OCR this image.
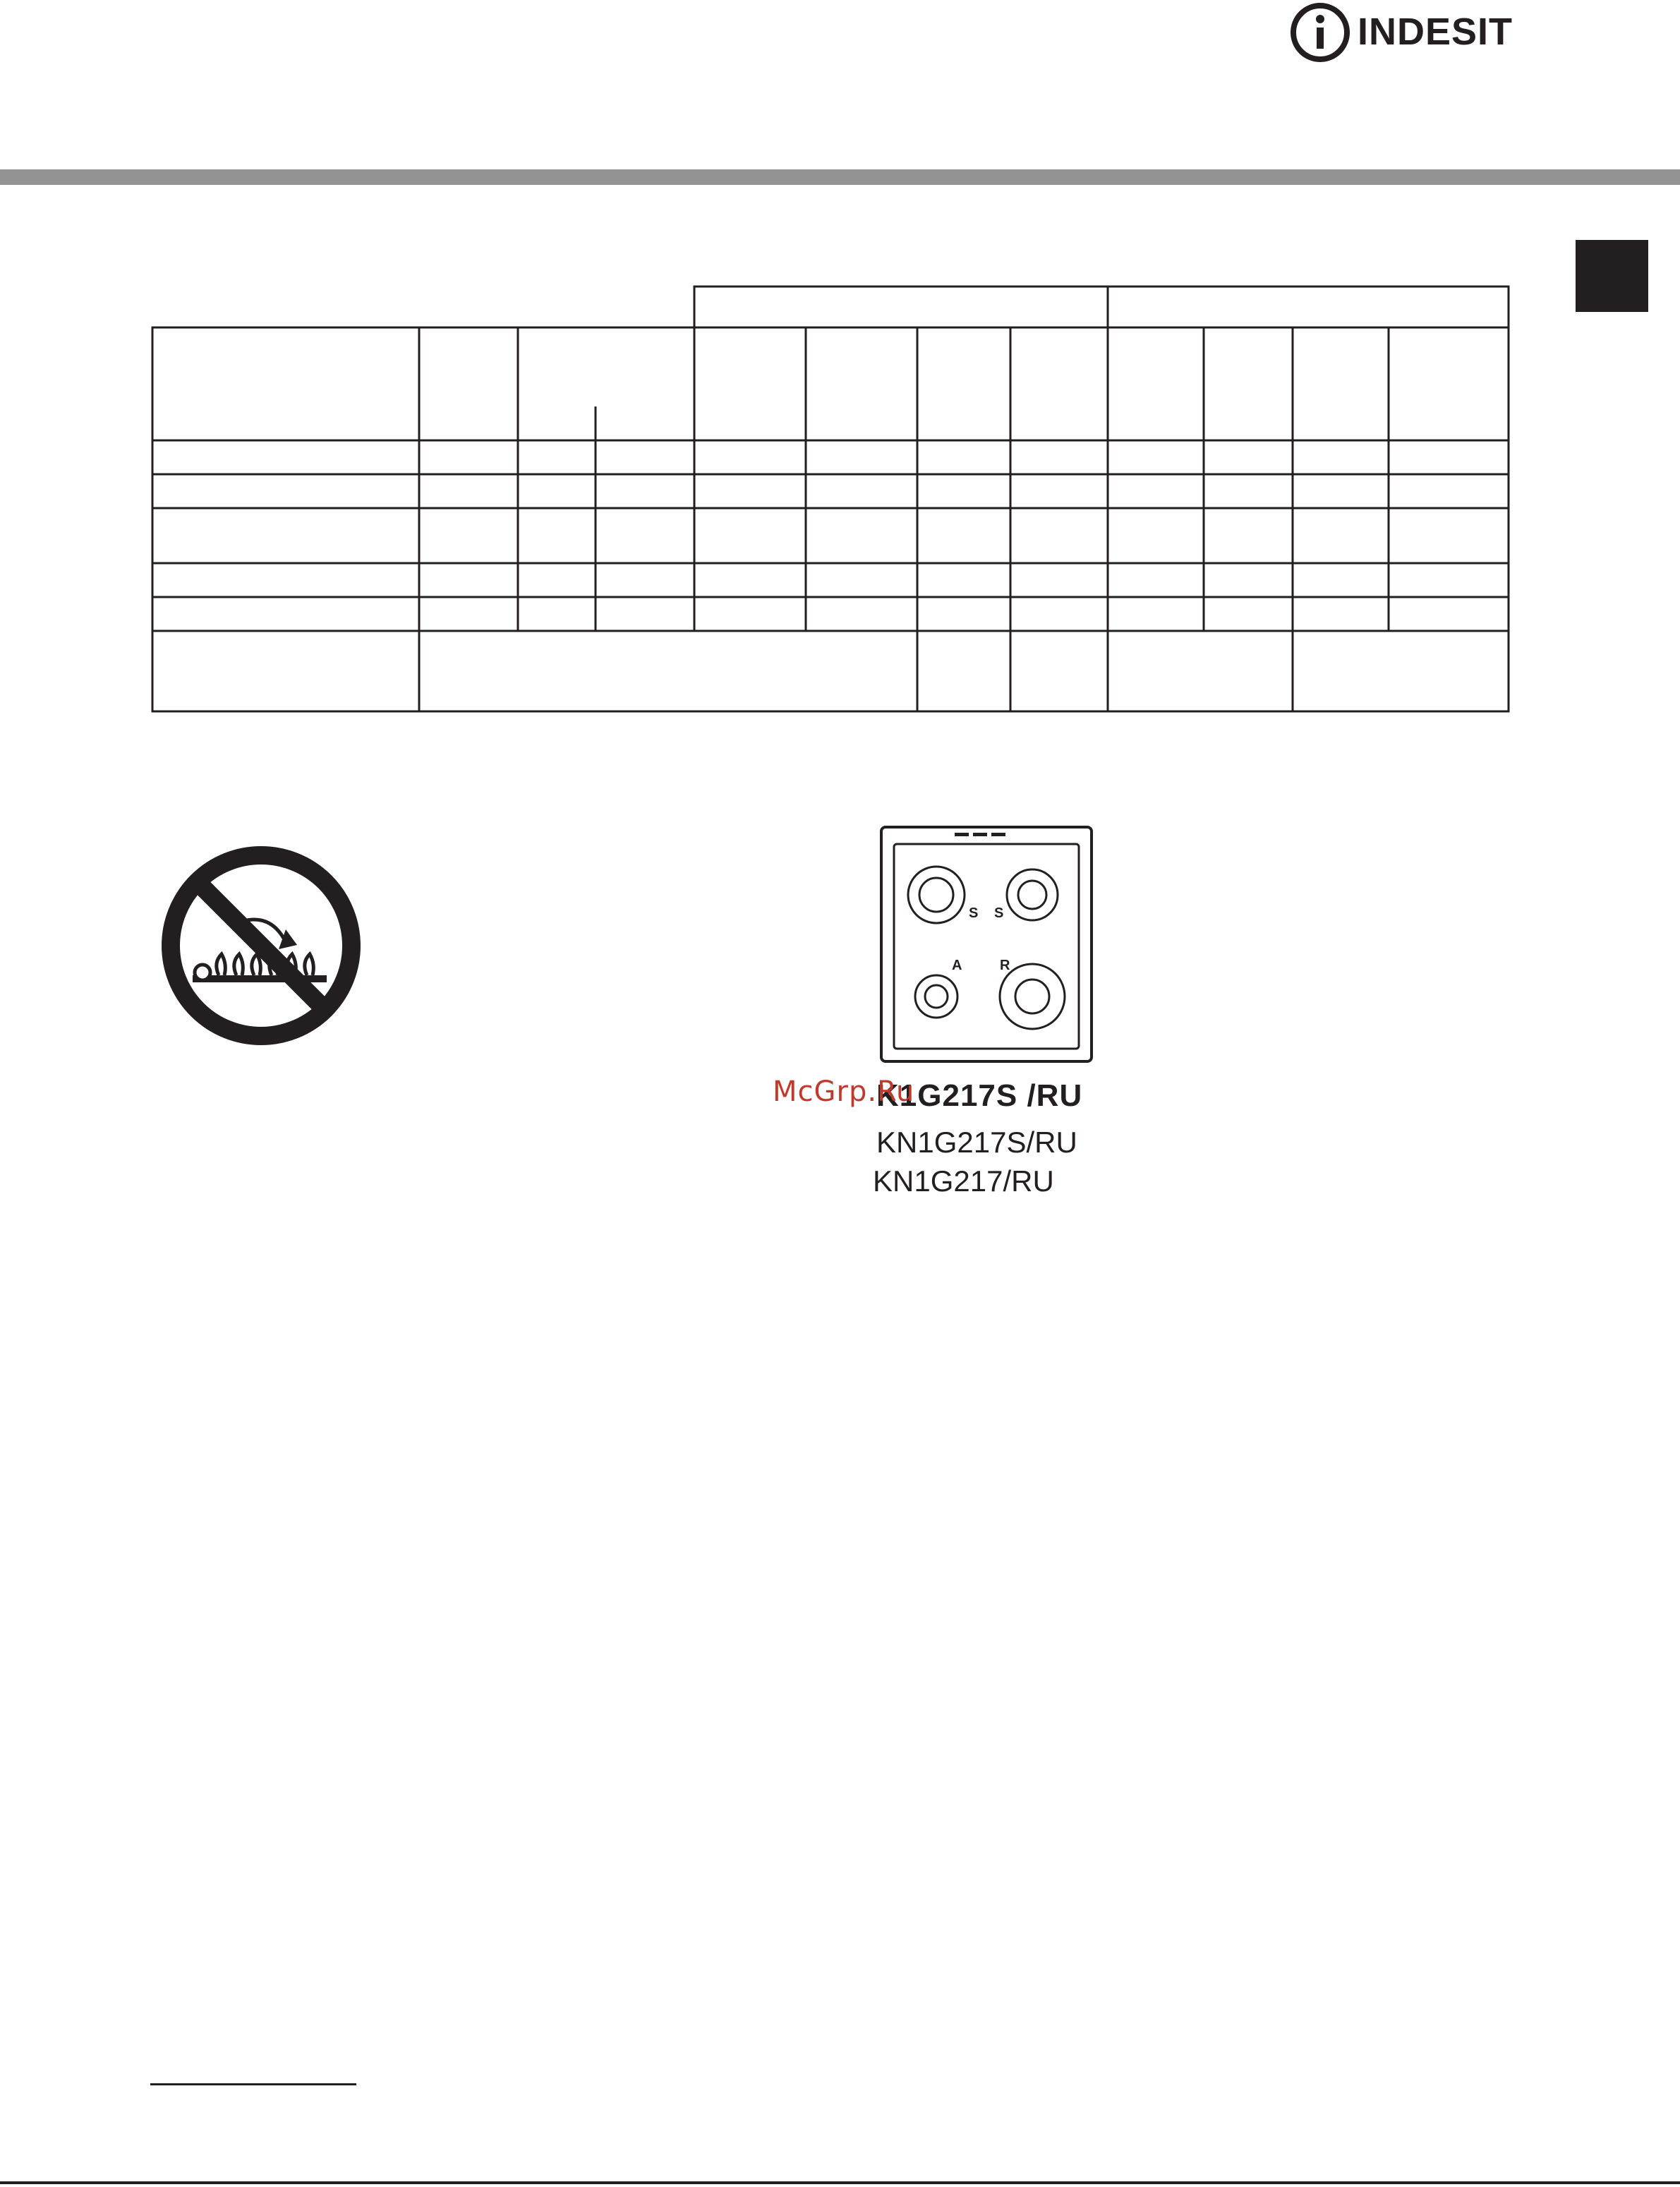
INDESIT
S S
A	R

K1G217S /RU

KN1G217S/RU

KN1G217/RU

McGrp.Ru
